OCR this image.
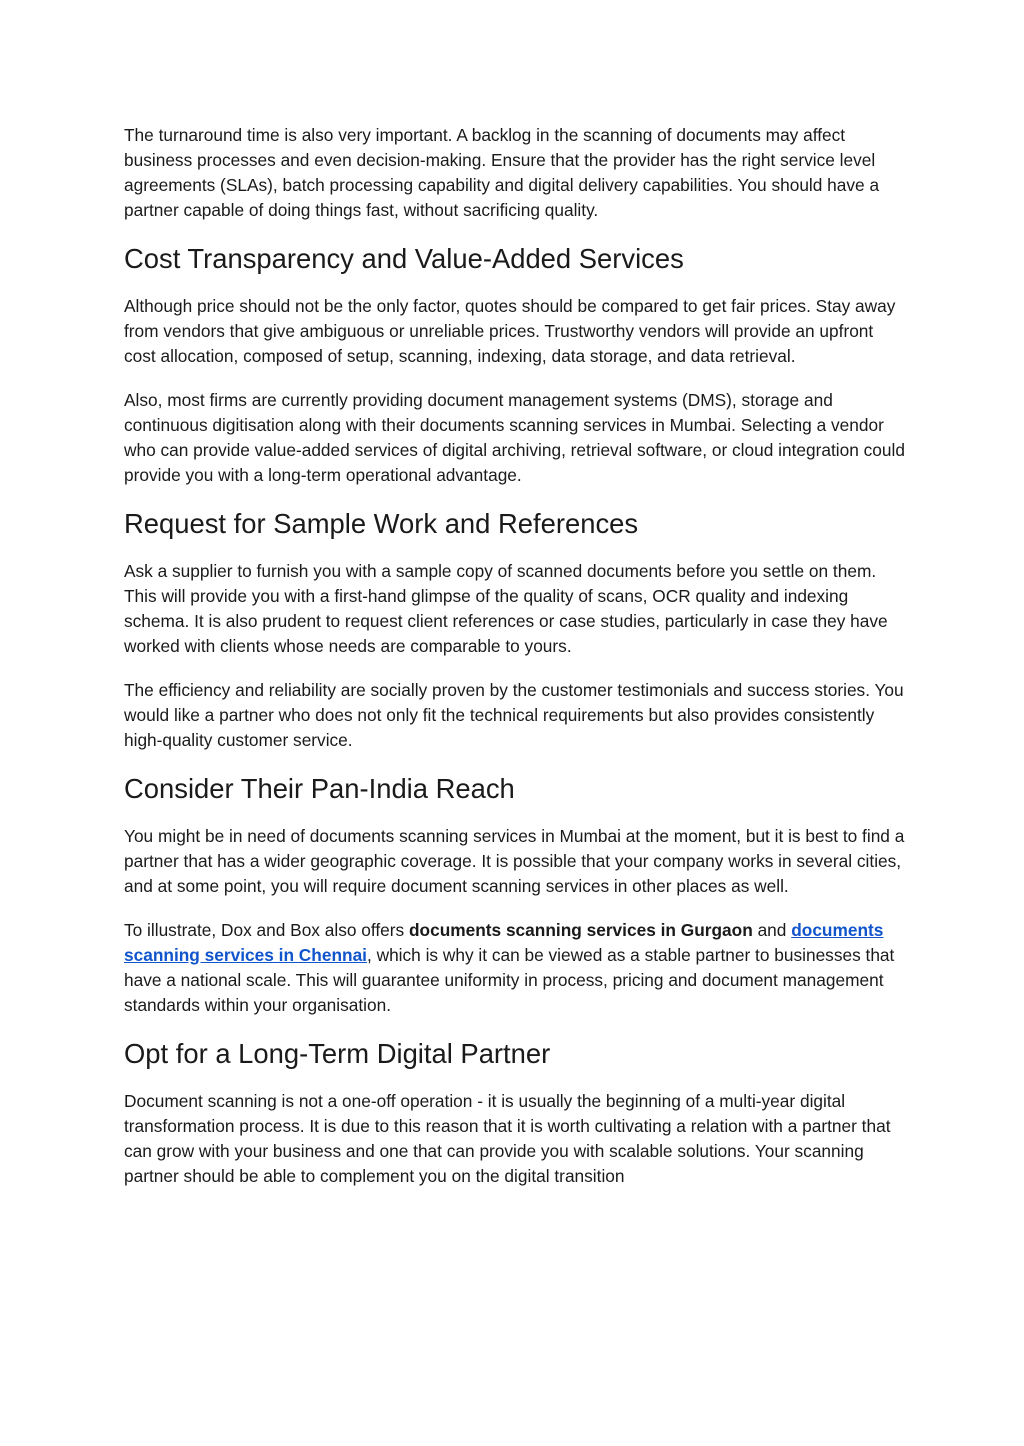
The turnaround time is also very important. A backlog in the scanning of documents may affect business processes and even decision-making. Ensure that the provider has the right service level agreements (SLAs), batch processing capability and digital delivery capabilities. You should have a partner capable of doing things fast, without sacrificing quality.

Cost Transparency and Value-Added Services

Although price should not be the only factor, quotes should be compared to get fair prices. Stay away from vendors that give ambiguous or unreliable prices. Trustworthy vendors will provide an upfront cost allocation, composed of setup, scanning, indexing, data storage, and data retrieval.

Also, most firms are currently providing document management systems (DMS), storage and continuous digitisation along with their documents scanning services in Mumbai. Selecting a vendor who can provide value-added services of digital archiving, retrieval software, or cloud integration could provide you with a long-term operational advantage.

Request for Sample Work and References

Ask a supplier to furnish you with a sample copy of scanned documents before you settle on them. This will provide you with a first-hand glimpse of the quality of scans, OCR quality and indexing schema. It is also prudent to request client references or case studies, particularly in case they have worked with clients whose needs are comparable to yours.

The efficiency and reliability are socially proven by the customer testimonials and success stories. You would like a partner who does not only fit the technical requirements but also provides consistently high-quality customer service.

Consider Their Pan-India Reach

You might be in need of documents scanning services in Mumbai at the moment, but it is best to find a partner that has a wider geographic coverage. It is possible that your company works in several cities, and at some point, you will require document scanning services in other places as well.

To illustrate, Dox and Box also offers documents scanning services in Gurgaon and documents scanning services in Chennai, which is why it can be viewed as a stable partner to businesses that have a national scale. This will guarantee uniformity in process, pricing and document management standards within your organisation.

Opt for a Long-Term Digital Partner

Document scanning is not a one-off operation - it is usually the beginning of a multi-year digital transformation process. It is due to this reason that it is worth cultivating a relation with a partner that can grow with your business and one that can provide you with scalable solutions. Your scanning partner should be able to complement you on the digital transition
